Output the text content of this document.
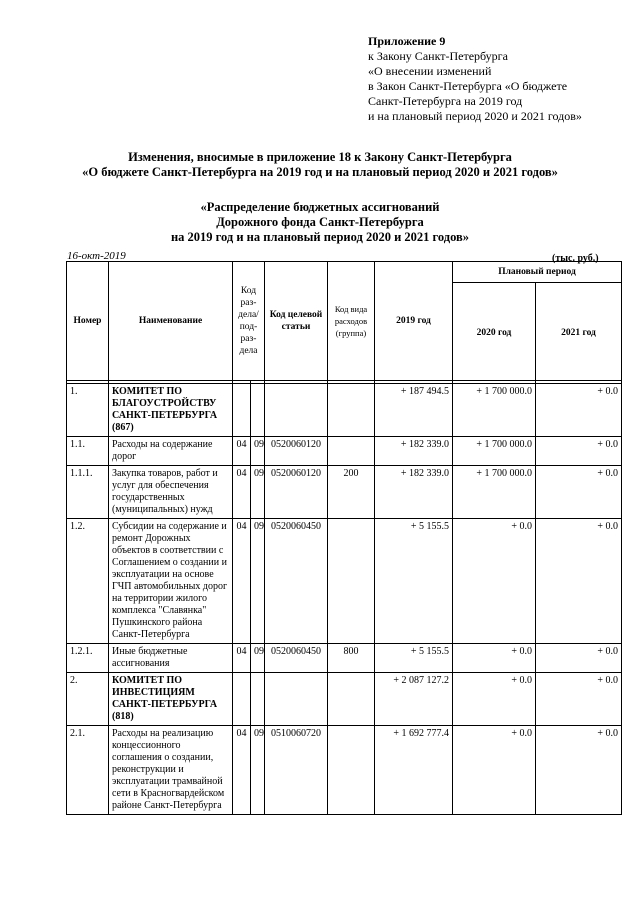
Приложение 9
к Закону Санкт-Петербурга
«О внесении изменений
в Закон Санкт-Петербурга «О бюджете
Санкт-Петербурга на 2019 год
и на плановый период 2020 и 2021 годов»
Изменения, вносимые в приложение 18 к Закону Санкт-Петербурга
«О бюджете Санкт-Петербурга на 2019 год и на плановый период 2020 и 2021 годов»
«Распределение бюджетных ассигнований
Дорожного фонда Санкт-Петербурга
на 2019 год и на плановый период 2020 и 2021 годов»
16-окт-2019	(тыс. руб.)
Номер	Наименование	Код раз-дела/ под-раз-дела		Код целевой статьи	Код вида расходов (группа)	2019 год	Плановый период	
							2020 год	2021 год

1.	КОМИТЕТ ПО БЛАГОУСТРОЙСТВУ САНКТ-ПЕТЕРБУРГА (867)					+ 187 494.5	+ 1 700 000.0	+ 0.0
1.1.	Расходы на содержание дорог	04	09	0520060120		+ 182 339.0	+ 1 700 000.0	+ 0.0
1.1.1.	Закупка товаров, работ и услуг для обеспечения государственных (муниципальных) нужд	04	09	0520060120	200	+ 182 339.0	+ 1 700 000.0	+ 0.0
1.2.	Субсидии на содержание и ремонт Дорожных объектов в соответствии с Соглашением о создании и эксплуатации на основе ГЧП автомобильных дорог на территории жилого комплекса "Славянка" Пушкинского района Санкт-Петербурга	04	09	0520060450		+ 5 155.5	+ 0.0	+ 0.0
1.2.1.	Иные бюджетные ассигнования	04	09	0520060450	800	+ 5 155.5	+ 0.0	+ 0.0
2.	КОМИТЕТ ПО ИНВЕСТИЦИЯМ САНКТ-ПЕТЕРБУРГА (818)					+ 2 087 127.2	+ 0.0	+ 0.0
2.1.	Расходы на реализацию концессионного соглашения о создании, реконструкции и эксплуатации трамвайной сети в Красногвардейском районе Санкт-Петербурга	04	09	0510060720		+ 1 692 777.4	+ 0.0	+ 0.0
